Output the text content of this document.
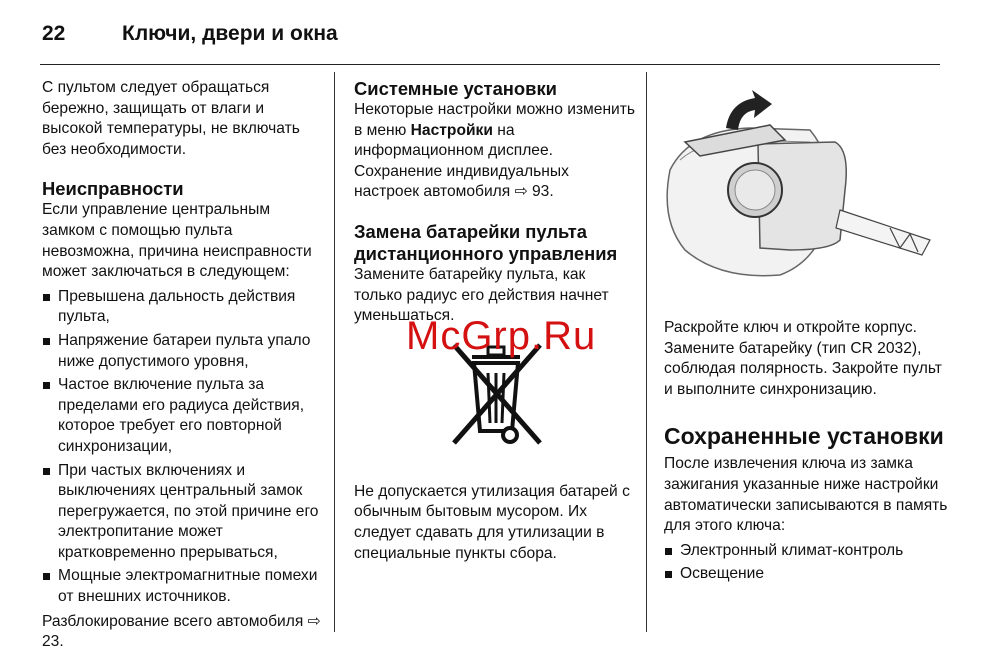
22	Ключи, двери и окна

С пультом следует обращаться бережно, защищать от влаги и высокой температуры, не включать без необходимости.

Неисправности

Если управление центральным замком с помощью пульта невозможна, причина неисправности может заключаться в следующем:

Превышена дальность действия пульта,
Напряжение батареи пульта упало ниже допустимого уровня,
Частое включение пульта за пределами его радиуса действия, которое требует его повторной синхронизации,
При частых включениях и выключениях центральный замок перегружается, по этой причине его электропитание может кратковременно прерываться,
Мощные электромагнитные помехи от внешних источников.

Разблокирование всего автомобиля ⇨ 23.

Системные установки

Некоторые настройки можно изменить в меню Настройки на информационном дисплее. Сохранение индивидуальных настроек автомобиля ⇨ 93.

Замена батарейки пульта дистанционного управления

Замените батарейку пульта, как только радиус его действия начнет уменьшаться.

Не допускается утилизация батарей с обычным бытовым мусором. Их следует сдавать для утилизации в специальные пункты сбора.

McGrp.Ru	Раскройте ключ и откройте корпус. Замените батарейку (тип CR 2032), соблюдая полярность. Закройте пульт и выполните синхронизацию.

Сохраненные установки

После извлечения ключа из замка зажигания указанные ниже настройки автоматически записываются в память для этого ключа:

Электронный климат-контроль
Освещение
